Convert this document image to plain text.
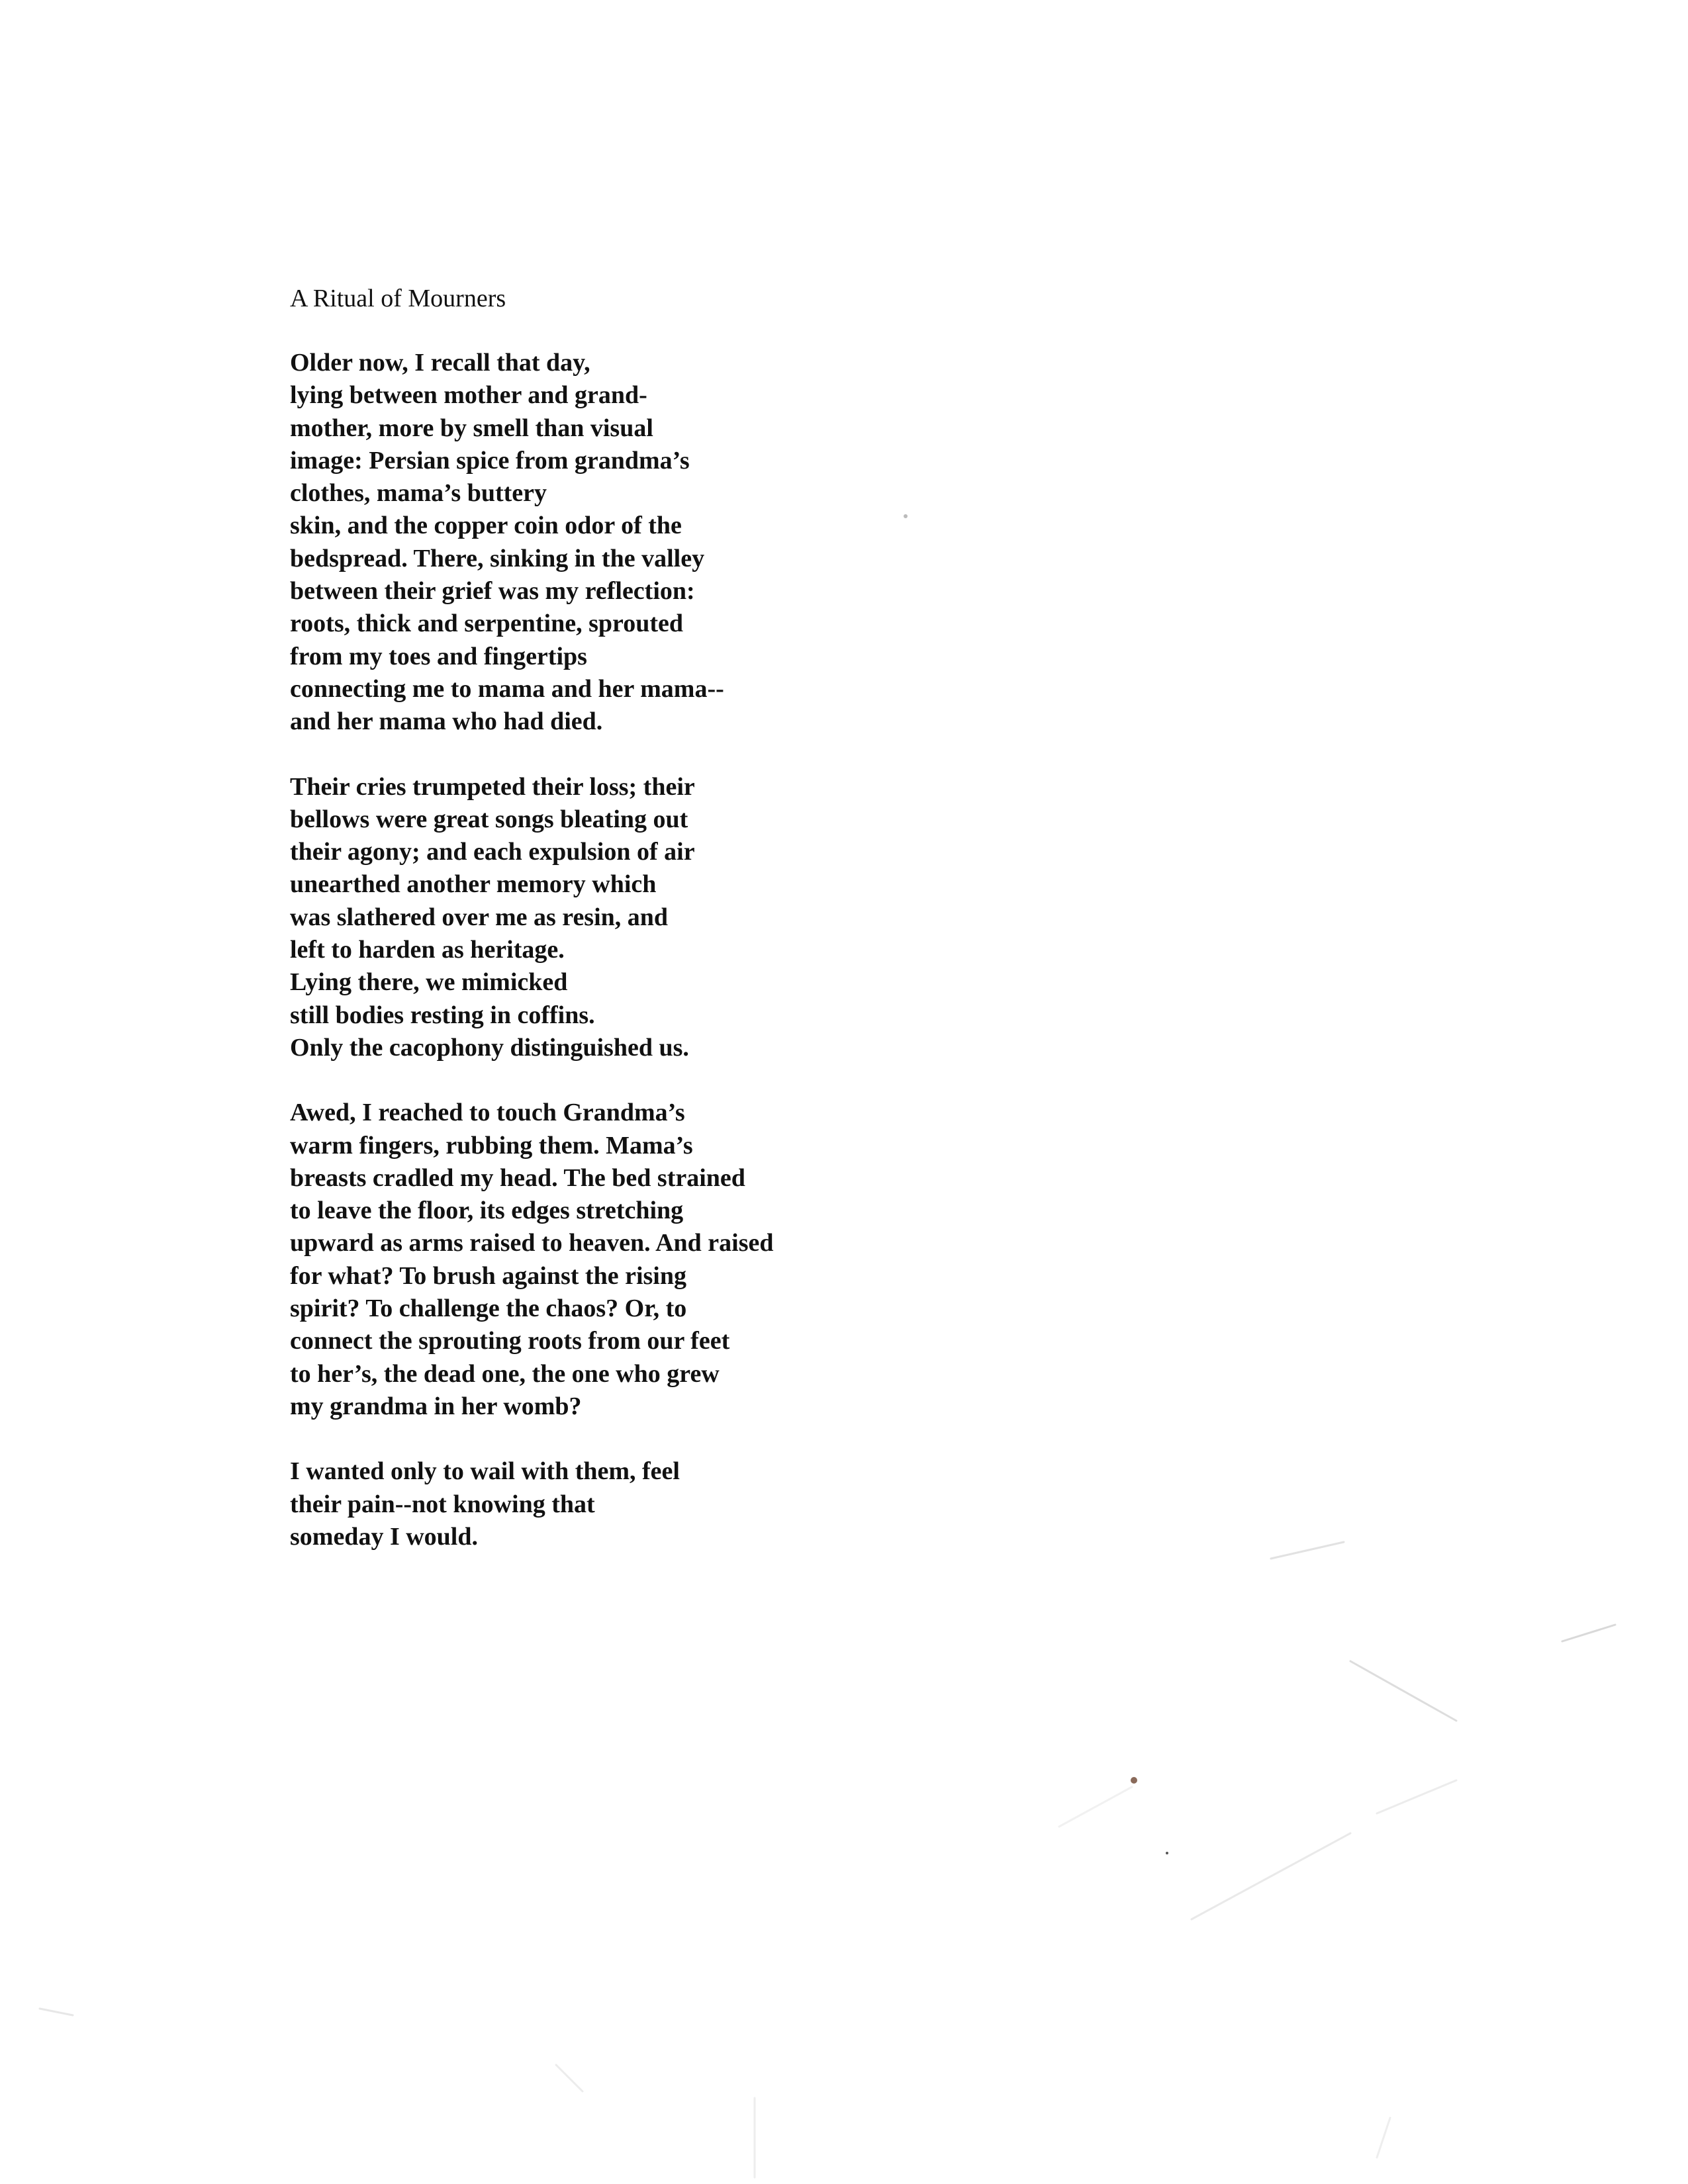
A Ritual of Mourners
Older now, I recall that day,
lying between mother and grand-
mother, more by smell than visual
image: Persian spice from grandma’s
clothes, mama’s buttery
skin, and the copper coin odor of the
bedspread. There, sinking in the valley
between their grief was my reflection:
roots, thick and serpentine, sprouted
from my toes and fingertips
connecting me to mama and her mama--
and her mama who had died.
Their cries trumpeted their loss; their
bellows were great songs bleating out
their agony; and each expulsion of air
unearthed another memory which
was slathered over me as resin, and
left to harden as heritage.
Lying there, we mimicked
still bodies resting in coffins.
Only the cacophony distinguished us.
Awed, I reached to touch Grandma’s
warm fingers, rubbing them. Mama’s
breasts cradled my head. The bed strained
to leave the floor, its edges stretching
upward as arms raised to heaven. And raised
for what? To brush against the rising
spirit? To challenge the chaos? Or, to
connect the sprouting roots from our feet
to her’s, the dead one, the one who grew
my grandma in her womb?
I wanted only to wail with them, feel
their pain--not knowing that
someday I would.
